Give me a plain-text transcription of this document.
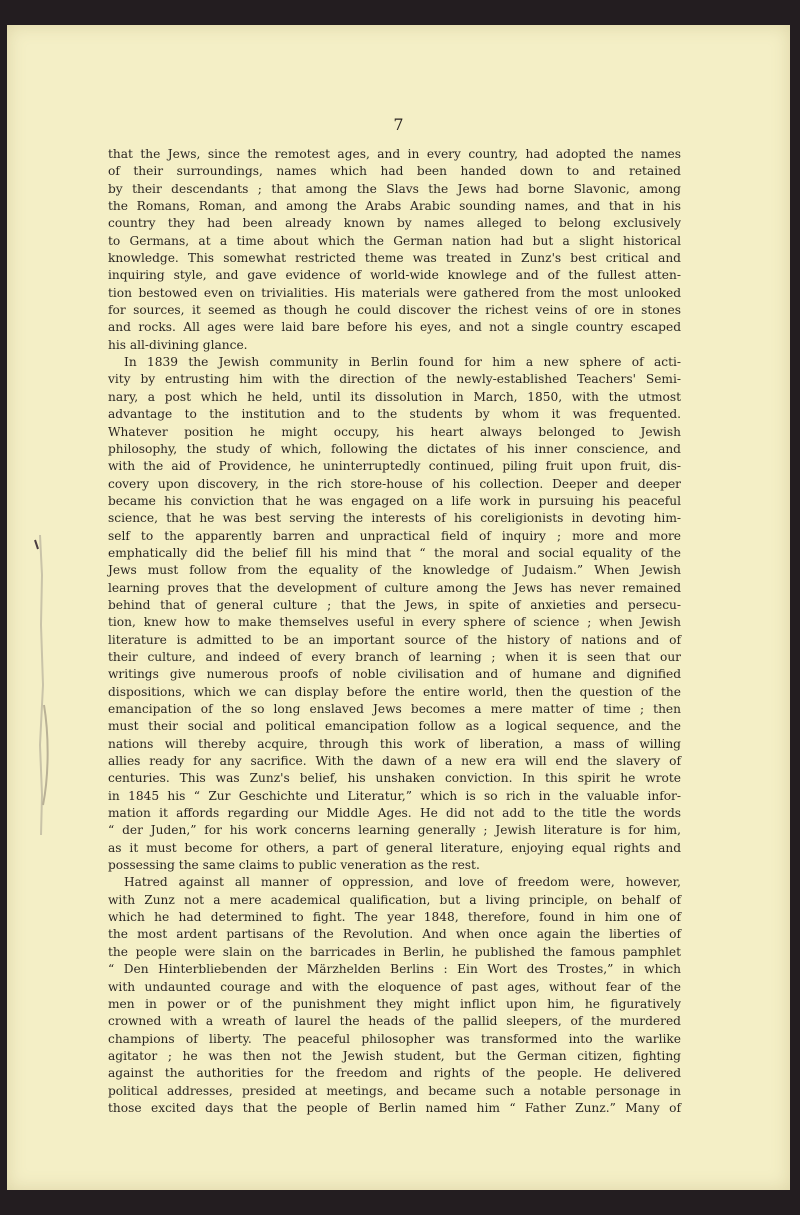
7
that the Jews, since the remotest ages, and in every country, had adopted the names
of their surroundings, names which had been handed down to and retained
by their descendants ; that among the Slavs the Jews had borne Slavonic, among
the Romans, Roman, and among the Arabs Arabic sounding names, and that in his
country they had been already known by names alleged to belong exclusively
to Germans, at a time about which the German nation had but a slight historical
knowledge. This somewhat restricted theme was treated in Zunz's best critical and
inquiring style, and gave evidence of world-wide knowlege and of the fullest atten-
tion bestowed even on trivialities. His materials were gathered from the most unlooked
for sources, it seemed as though he could discover the richest veins of ore in stones
and rocks. All ages were laid bare before his eyes, and not a single country escaped
his all-divining glance.
In 1839 the Jewish community in Berlin found for him a new sphere of acti-
vity by entrusting him with the direction of the newly-established Teachers' Semi-
nary, a post which he held, until its dissolution in March, 1850, with the utmost
advantage to the institution and to the students by whom it was frequented.
Whatever position he might occupy, his heart always belonged to Jewish
philosophy, the study of which, following the dictates of his inner conscience, and
with the aid of Providence, he uninterruptedly continued, piling fruit upon fruit, dis-
covery upon discovery, in the rich store-house of his collection. Deeper and deeper
became his conviction that he was engaged on a life work in pursuing his peaceful
science, that he was best serving the interests of his coreligionists in devoting him-
self to the apparently barren and unpractical field of inquiry ; more and more
emphatically did the belief fill his mind that “ the moral and social equality of the
Jews must follow from the equality of the knowledge of Judaism.” When Jewish
learning proves that the development of culture among the Jews has never remained
behind that of general culture ; that the Jews, in spite of anxieties and persecu-
tion, knew how to make themselves useful in every sphere of science ; when Jewish
literature is admitted to be an important source of the history of nations and of
their culture, and indeed of every branch of learning ; when it is seen that our
writings give numerous proofs of noble civilisation and of humane and dignified
dispositions, which we can display before the entire world, then the question of the
emancipation of the so long enslaved Jews becomes a mere matter of time ; then
must their social and political emancipation follow as a logical sequence, and the
nations will thereby acquire, through this work of liberation, a mass of willing
allies ready for any sacrifice. With the dawn of a new era will end the slavery of
centuries. This was Zunz's belief, his unshaken conviction. In this spirit he wrote
in 1845 his “ Zur Geschichte und Literatur,” which is so rich in the valuable infor-
mation it affords regarding our Middle Ages. He did not add to the title the words
“ der Juden,” for his work concerns learning generally ; Jewish literature is for him,
as it must become for others, a part of general literature, enjoying equal rights and
possessing the same claims to public veneration as the rest.
Hatred against all manner of oppression, and love of freedom were, however,
with Zunz not a mere academical qualification, but a living principle, on behalf of
which he had determined to fight. The year 1848, therefore, found in him one of
the most ardent partisans of the Revolution. And when once again the liberties of
the people were slain on the barricades in Berlin, he published the famous pamphlet
“ Den Hinterbliebenden der Märzhelden Berlins : Ein Wort des Trostes,” in which
with undaunted courage and with the eloquence of past ages, without fear of the
men in power or of the punishment they might inflict upon him, he figuratively
crowned with a wreath of laurel the heads of the pallid sleepers, of the murdered
champions of liberty. The peaceful philosopher was transformed into the warlike
agitator ; he was then not the Jewish student, but the German citizen, fighting
against the authorities for the freedom and rights of the people. He delivered
political addresses, presided at meetings, and became such a notable personage in
those excited days that the people of Berlin named him “ Father Zunz.” Many of
